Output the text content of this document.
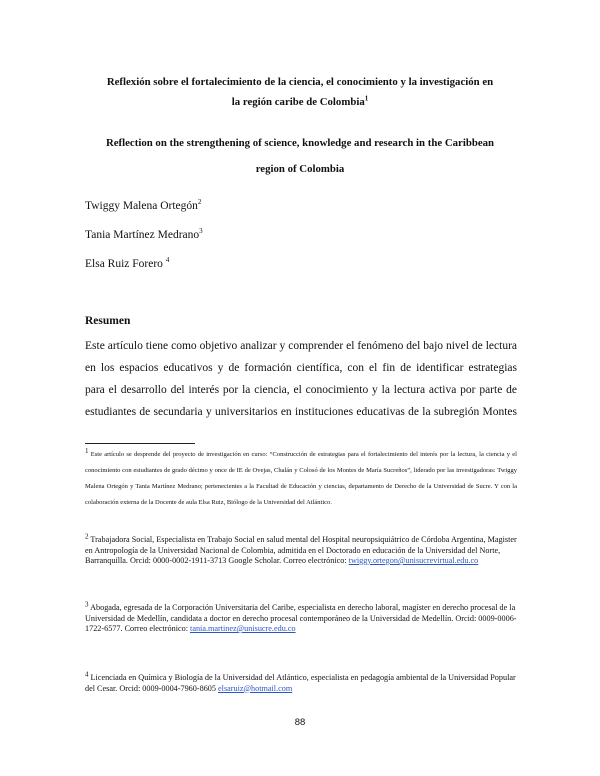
Reflexión sobre el fortalecimiento de la ciencia, el conocimiento y la investigación en
la región caribe de Colombia$^1$
Reflection on the strengthening of science, knowledge and research in the Caribbean
region of Colombia
Twiggy Malena Ortegón$^2$
Tania Martínez Medrano$^3$
Elsa Ruiz Forero $^4$
Resumen
Este artículo tiene como objetivo analizar y comprender el fenómeno del bajo nivel de lectura
en los espacios educativos y de formación científica, con el fin de identificar estrategias
para el desarrollo del interés por la ciencia, el conocimiento y la lectura activa por parte de
estudiantes de secundaria y universitarios en instituciones educativas de la subregión Montes
$^1$ Este artículo se desprende del proyecto de investigación en curso: “Construcción de estrategias para el fortalecimiento del interés por la lectura, la ciencia y el conocimiento con estudiantes de grado décimo y once de IE de Ovejas, Chalán y Colosó de los Montes de María Sucreños”, liderado por las investigadoras: Twiggy Malena Ortegón y Tania Martínez Medrano; pertenecientes a la Facultad de Educación y ciencias, departamento de Derecho de la Universidad de Sucre. Y con la colaboración externa de la Docente de aula Elsa Ruiz, Biólogo de la Universidad del Atlántico.
$^2$ Trabajadora Social, Especialista en Trabajo Social en salud mental del Hospital neuropsiquiátrico de Córdoba Argentina, Magister en Antropología de la Universidad Nacional de Colombia, admitida en el Doctorado en educación de la Universidad del Norte, Barranquilla. Orcid: 0000-0002-1911-3713 Google Scholar. Correo electrónico: twiggy.ortegon@unisucrevirtual.edu.co
$^3$ Abogada, egresada de la Corporación Universitaria del Caribe, especialista en derecho laboral, magíster en derecho procesal de la Universidad de Medellín, candidata a doctor en derecho procesal contemporáneo de la Universidad de Medellín. Orcid: 0009-0006-1722-6577. Correo electrónico: tania.martinez@unisucre.edu.co
$^4$ Licenciada en Química y Biología de la Universidad del Atlántico, especialista en pedagogía ambiental de la Universidad Popular del Cesar. Orcid: 0009-0004-7960-8605 elsaruiz@hotmail.com
88
